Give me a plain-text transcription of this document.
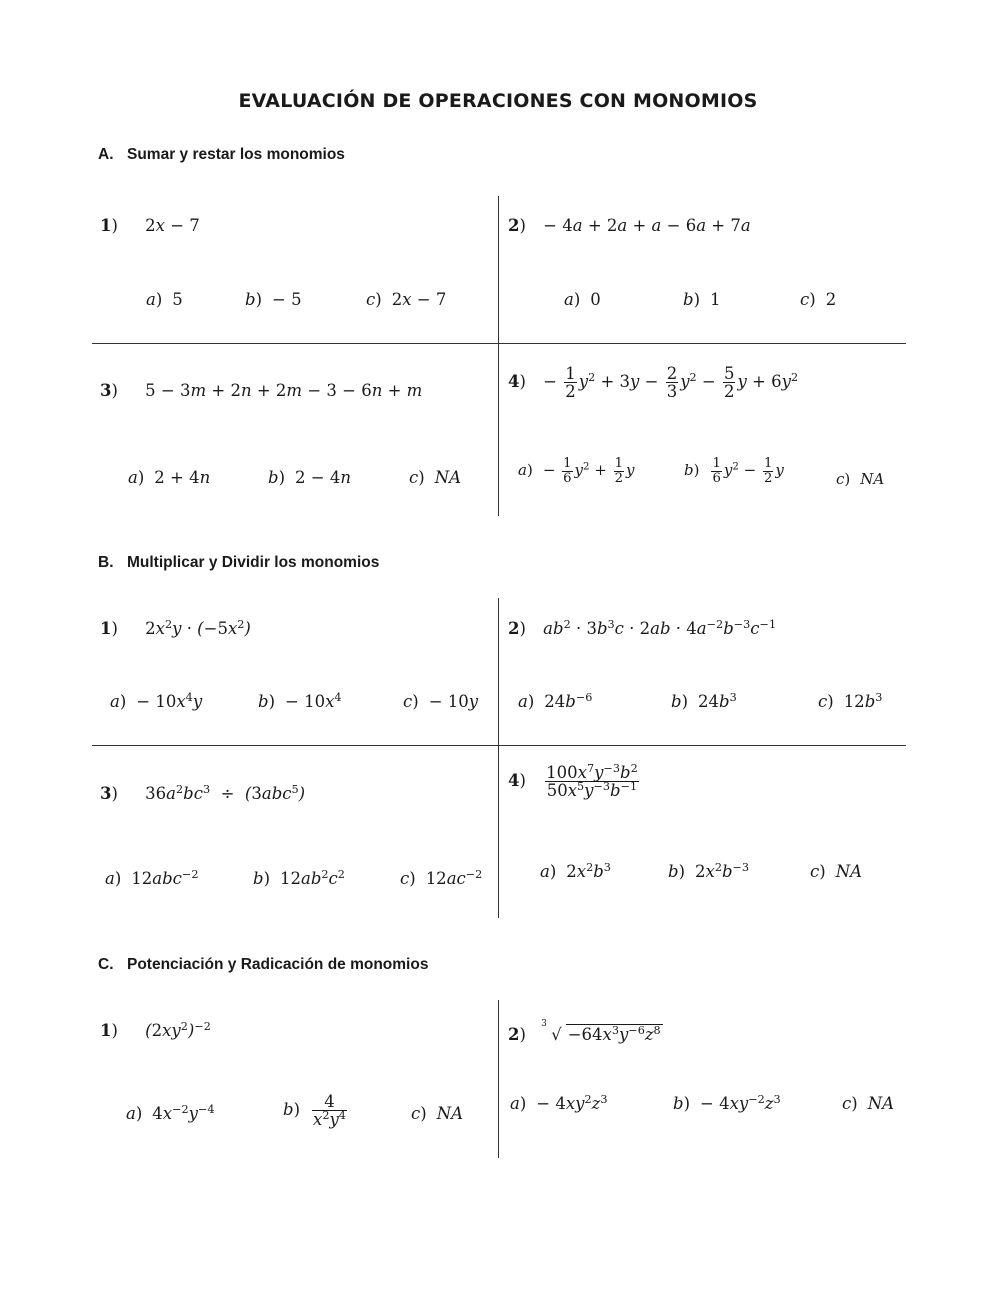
EVALUACIÓN DE OPERACIONES CON MONOMIOS

A. Sumar y restar los monomios

1) 2x − 7
a) 5	b) − 5	c) 2x − 7
2) − 4a + 2a + a − 6a + 7a
a) 0	b) 1	c) 2
3) 5 − 3m + 2n + 2m − 3 − 6n + m
a) 2 + 4n	b) 2 − 4n	c) NA
$4) - \frac{1}{2} y^2 + 3y - \frac{2}{3} y^2 - \frac{5}{2}$ $y + 6y^2$
$a) - \frac{1}{6} y^2 + \frac{1}{2}$ y	$b) \frac{1}{6} y^2 - \frac{1}{2}$ y	c) NA

B. Multiplicar y Dividir los monomios

1) $2x^2y \cdot (-5x^2)$
$a) - 10x^4y$	$b) - 10x^4$	c) − 10y
2) $ab^2 \cdot 3b^3c \cdot 2ab \cdot 4a^{-2}b^{-3}c^{-1}$
a) $24b^{-6}$	b) $24b^3$	c) $12b^3$
3) $36a^2bc^3 \div (3abc^5)$
a) 12abc$^{-2}$	b) $12ab^2c^2$	c) $12ac^{-2}$
$4) \frac{100x^7y^{-3}b^2}{50x^5y^{-3}b^{-1}}$
a) $2x^2b^3$	b) $2x^2b^{-3}$	c) NA

C. Potenciación y Radicación de monomios

1) $(2xy^2)^{-2}$
a) $4x^{-2}y^{-4}$	$b) \frac{4}{x^2y^4}$	c) NA
2)
3
√ $-64x^3y^{-6}z^8$
$a) - 4xy^2z^3$	$b) - 4xy^{-2}z^3$	c) NA
